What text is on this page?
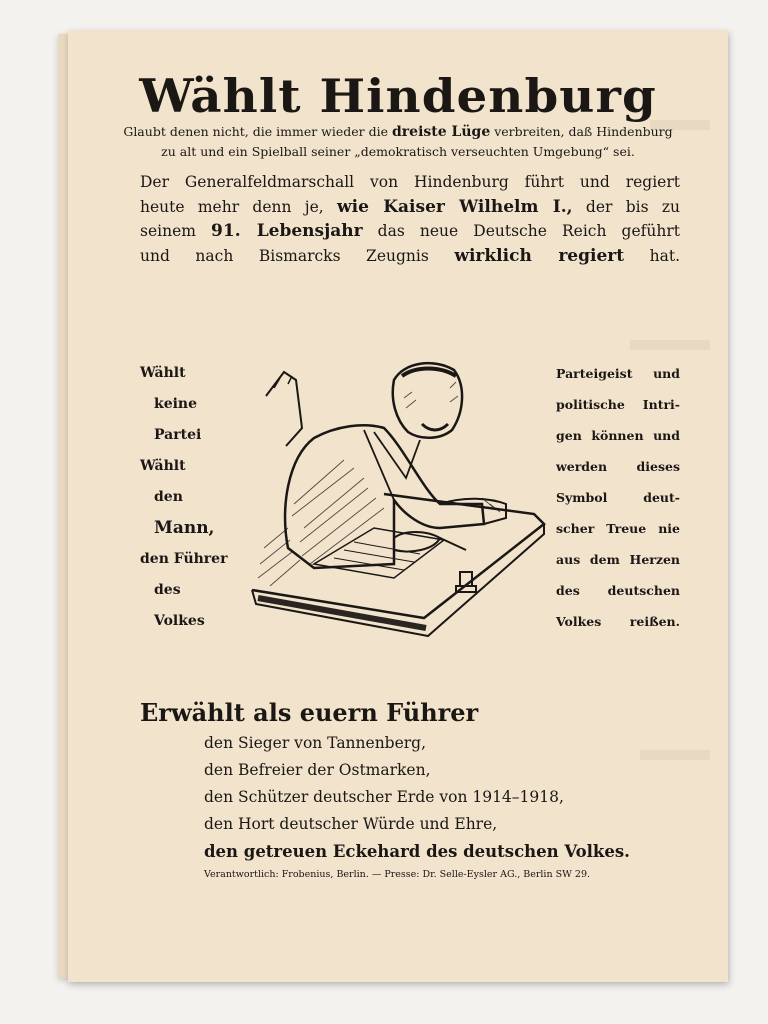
Wählt Hindenburg
Glaubt denen nicht, die immer wieder die dreiste Lüge verbreiten, daß Hindenburg
zu alt und ein Spielball seiner „demokratisch verseuchten Umgebung“ sei.
Der Generalfeldmarschall von Hindenburg führt und regiert
heute mehr denn je, wie Kaiser Wilhelm I., der bis zu
seinem 91. Lebensjahr das neue Deutsche Reich geführt
und nach Bismarcks Zeugnis wirklich regiert hat.
Wählt
keine
Partei
Wählt
den
Mann,
den Führer
des
Volkes
Parteigeist und
politische Intri-
gen können und
werden dieses
Symbol deut-
scher Treue nie
aus dem Herzen
des deutschen
Volkes reißen.
Erwählt als euern Führer
den Sieger von Tannenberg,
den Befreier der Ostmarken,
den Schützer deutscher Erde von 1914–1918,
den Hort deutscher Würde und Ehre,
den getreuen Eckehard des deutschen Volkes.
Verantwortlich: Frobenius, Berlin. — Presse: Dr. Selle-Eysler AG., Berlin SW 29.
